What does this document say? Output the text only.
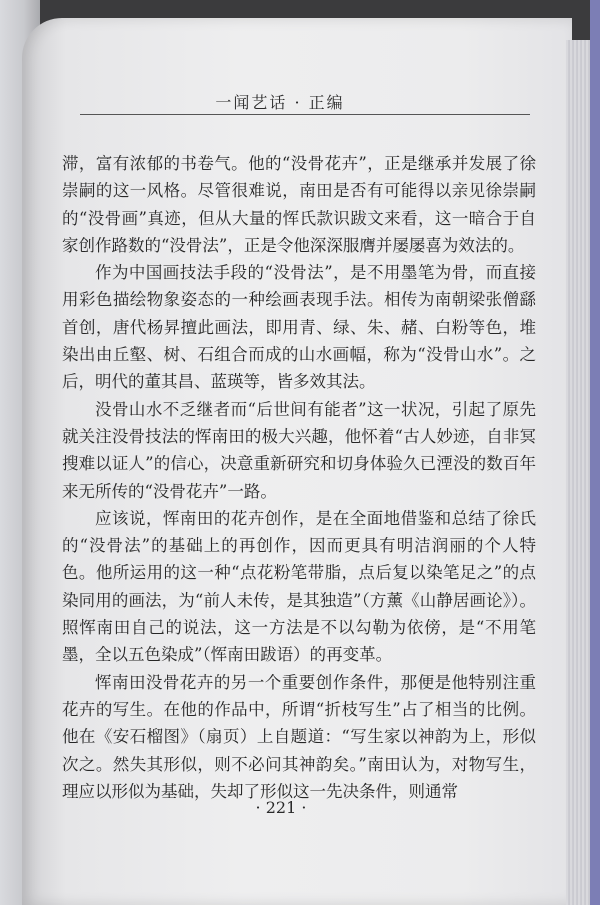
一闻艺话 · 正编

滞，富有浓郁的书卷气。他的“没骨花卉”，正是继承并发展了徐崇嗣的这一风格。尽管很难说，南田是否有可能得以亲见徐崇嗣的“没骨画”真迹，但从大量的恽氏款识跋文来看，这一暗合于自家创作路数的“没骨法”，正是令他深深服膺并屡屡喜为效法的。

作为中国画技法手段的“没骨法”，是不用墨笔为骨，而直接用彩色描绘物象姿态的一种绘画表现手法。相传为南朝梁张僧繇首创，唐代杨昇擅此画法，即用青、绿、朱、赭、白粉等色，堆染出由丘壑、树、石组合而成的山水画幅，称为“没骨山水”。之后，明代的董其昌、蓝瑛等，皆多效其法。

没骨山水不乏继者而“后世间有能者”这一状况，引起了原先就关注没骨技法的恽南田的极大兴趣，他怀着“古人妙迹，自非冥搜难以证人”的信心，决意重新研究和切身体验久已湮没的数百年来无所传的“没骨花卉”一路。

应该说，恽南田的花卉创作，是在全面地借鉴和总结了徐氏的“没骨法”的基础上的再创作，因而更具有明洁润丽的个人特色。他所运用的这一种“点花粉笔带脂，点后复以染笔足之”的点染同用的画法，为“前人未传，是其独造”（方薰《山静居画论》）。照恽南田自己的说法，这一方法是不以勾勒为依傍，是“不用笔墨，全以五色染成”（恽南田跋语）的再变革。

恽南田没骨花卉的另一个重要创作条件，那便是他特别注重花卉的写生。在他的作品中，所谓“折枝写生”占了相当的比例。他在《安石榴图》（扇页）上自题道：“写生家以神韵为上，形似次之。然失其形似，则不必问其神韵矣。”南田认为，对物写生，理应以形似为基础，失却了形似这一先决条件，则通常

· 221 ·
